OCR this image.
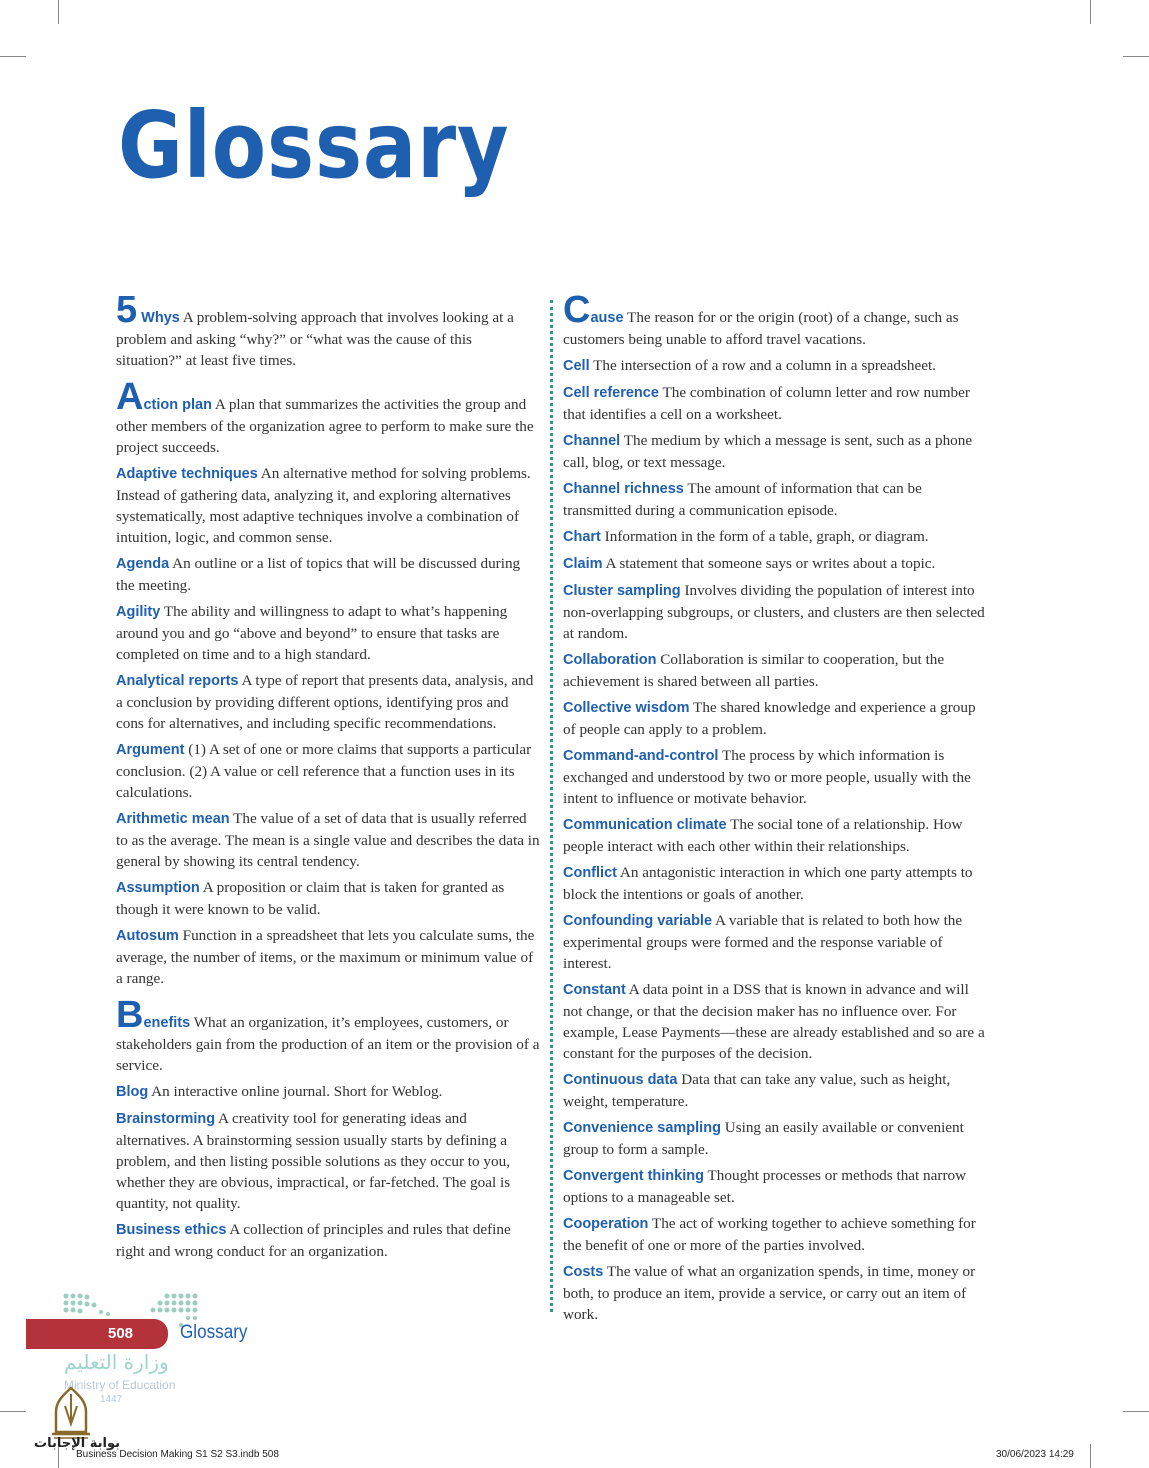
Glossary

5 Whys A problem-solving approach that involves looking at a problem and asking “why?” or “what was the cause of this situation?” at least five times.

Action plan A plan that summarizes the activities the group and other members of the organization agree to perform to make sure the project succeeds.

Adaptive techniques An alternative method for solving problems. Instead of gathering data, analyzing it, and exploring alternatives systematically, most adaptive techniques involve a combination of intuition, logic, and common sense.

Agenda An outline or a list of topics that will be discussed during the meeting.

Agility The ability and willingness to adapt to what’s happening around you and go “above and beyond” to ensure that tasks are completed on time and to a high standard.

Analytical reports A type of report that presents data, analysis, and a conclusion by providing different options, identifying pros and cons for alternatives, and including specific recommendations.

Argument (1) A set of one or more claims that supports a particular conclusion. (2) A value or cell reference that a function uses in its calculations.

Arithmetic mean The value of a set of data that is usually referred to as the average. The mean is a single value and describes the data in general by showing its central tendency.

Assumption A proposition or claim that is taken for granted as though it were known to be valid.

Autosum Function in a spreadsheet that lets you calculate sums, the average, the number of items, or the maximum or minimum value of a range.

Benefits What an organization, it’s employees, customers, or stakeholders gain from the production of an item or the provision of a service.

Blog An interactive online journal. Short for Weblog.

Brainstorming A creativity tool for generating ideas and alternatives. A brainstorming session usually starts by defining a problem, and then listing possible solutions as they occur to you, whether they are obvious, impractical, or far-fetched. The goal is quantity, not quality.

Business ethics A collection of principles and rules that define right and wrong conduct for an organization.

Cause The reason for or the origin (root) of a change, such as customers being unable to afford travel vacations.

Cell The intersection of a row and a column in a spreadsheet.

Cell reference The combination of column letter and row number that identifies a cell on a worksheet.

Channel The medium by which a message is sent, such as a phone call, blog, or text message.

Channel richness The amount of information that can be transmitted during a communication episode.

Chart Information in the form of a table, graph, or diagram.

Claim A statement that someone says or writes about a topic.

Cluster sampling Involves dividing the population of interest into non-overlapping subgroups, or clusters, and clusters are then selected at random.

Collaboration Collaboration is similar to cooperation, but the achievement is shared between all parties.

Collective wisdom The shared knowledge and experience a group of people can apply to a problem.

Command-and-control The process by which information is exchanged and understood by two or more people, usually with the intent to influence or motivate behavior.

Communication climate The social tone of a relationship. How people interact with each other within their relationships.

Conflict An antagonistic interaction in which one party attempts to block the intentions or goals of another.

Confounding variable A variable that is related to both how the experimental groups were formed and the response variable of interest.

Constant A data point in a DSS that is known in advance and will not change, or that the decision maker has no influence over. For example, Lease Payments—these are already established and so are a constant for the purposes of the decision.

Continuous data Data that can take any value, such as height, weight, temperature.

Convenience sampling Using an easily available or convenient group to form a sample.

Convergent thinking Thought processes or methods that narrow options to a manageable set.

Cooperation The act of working together to achieve something for the benefit of one or more of the parties involved.

Costs The value of what an organization spends, in time, money or both, to produce an item, provide a service, or carry out an item of work.

508 Glossary
وزارة التعليم
Ministry of Education
1447
بوابة الإجابات
Business Decision Making S1 S2 S3.indb 508	30/06/2023 14:29
